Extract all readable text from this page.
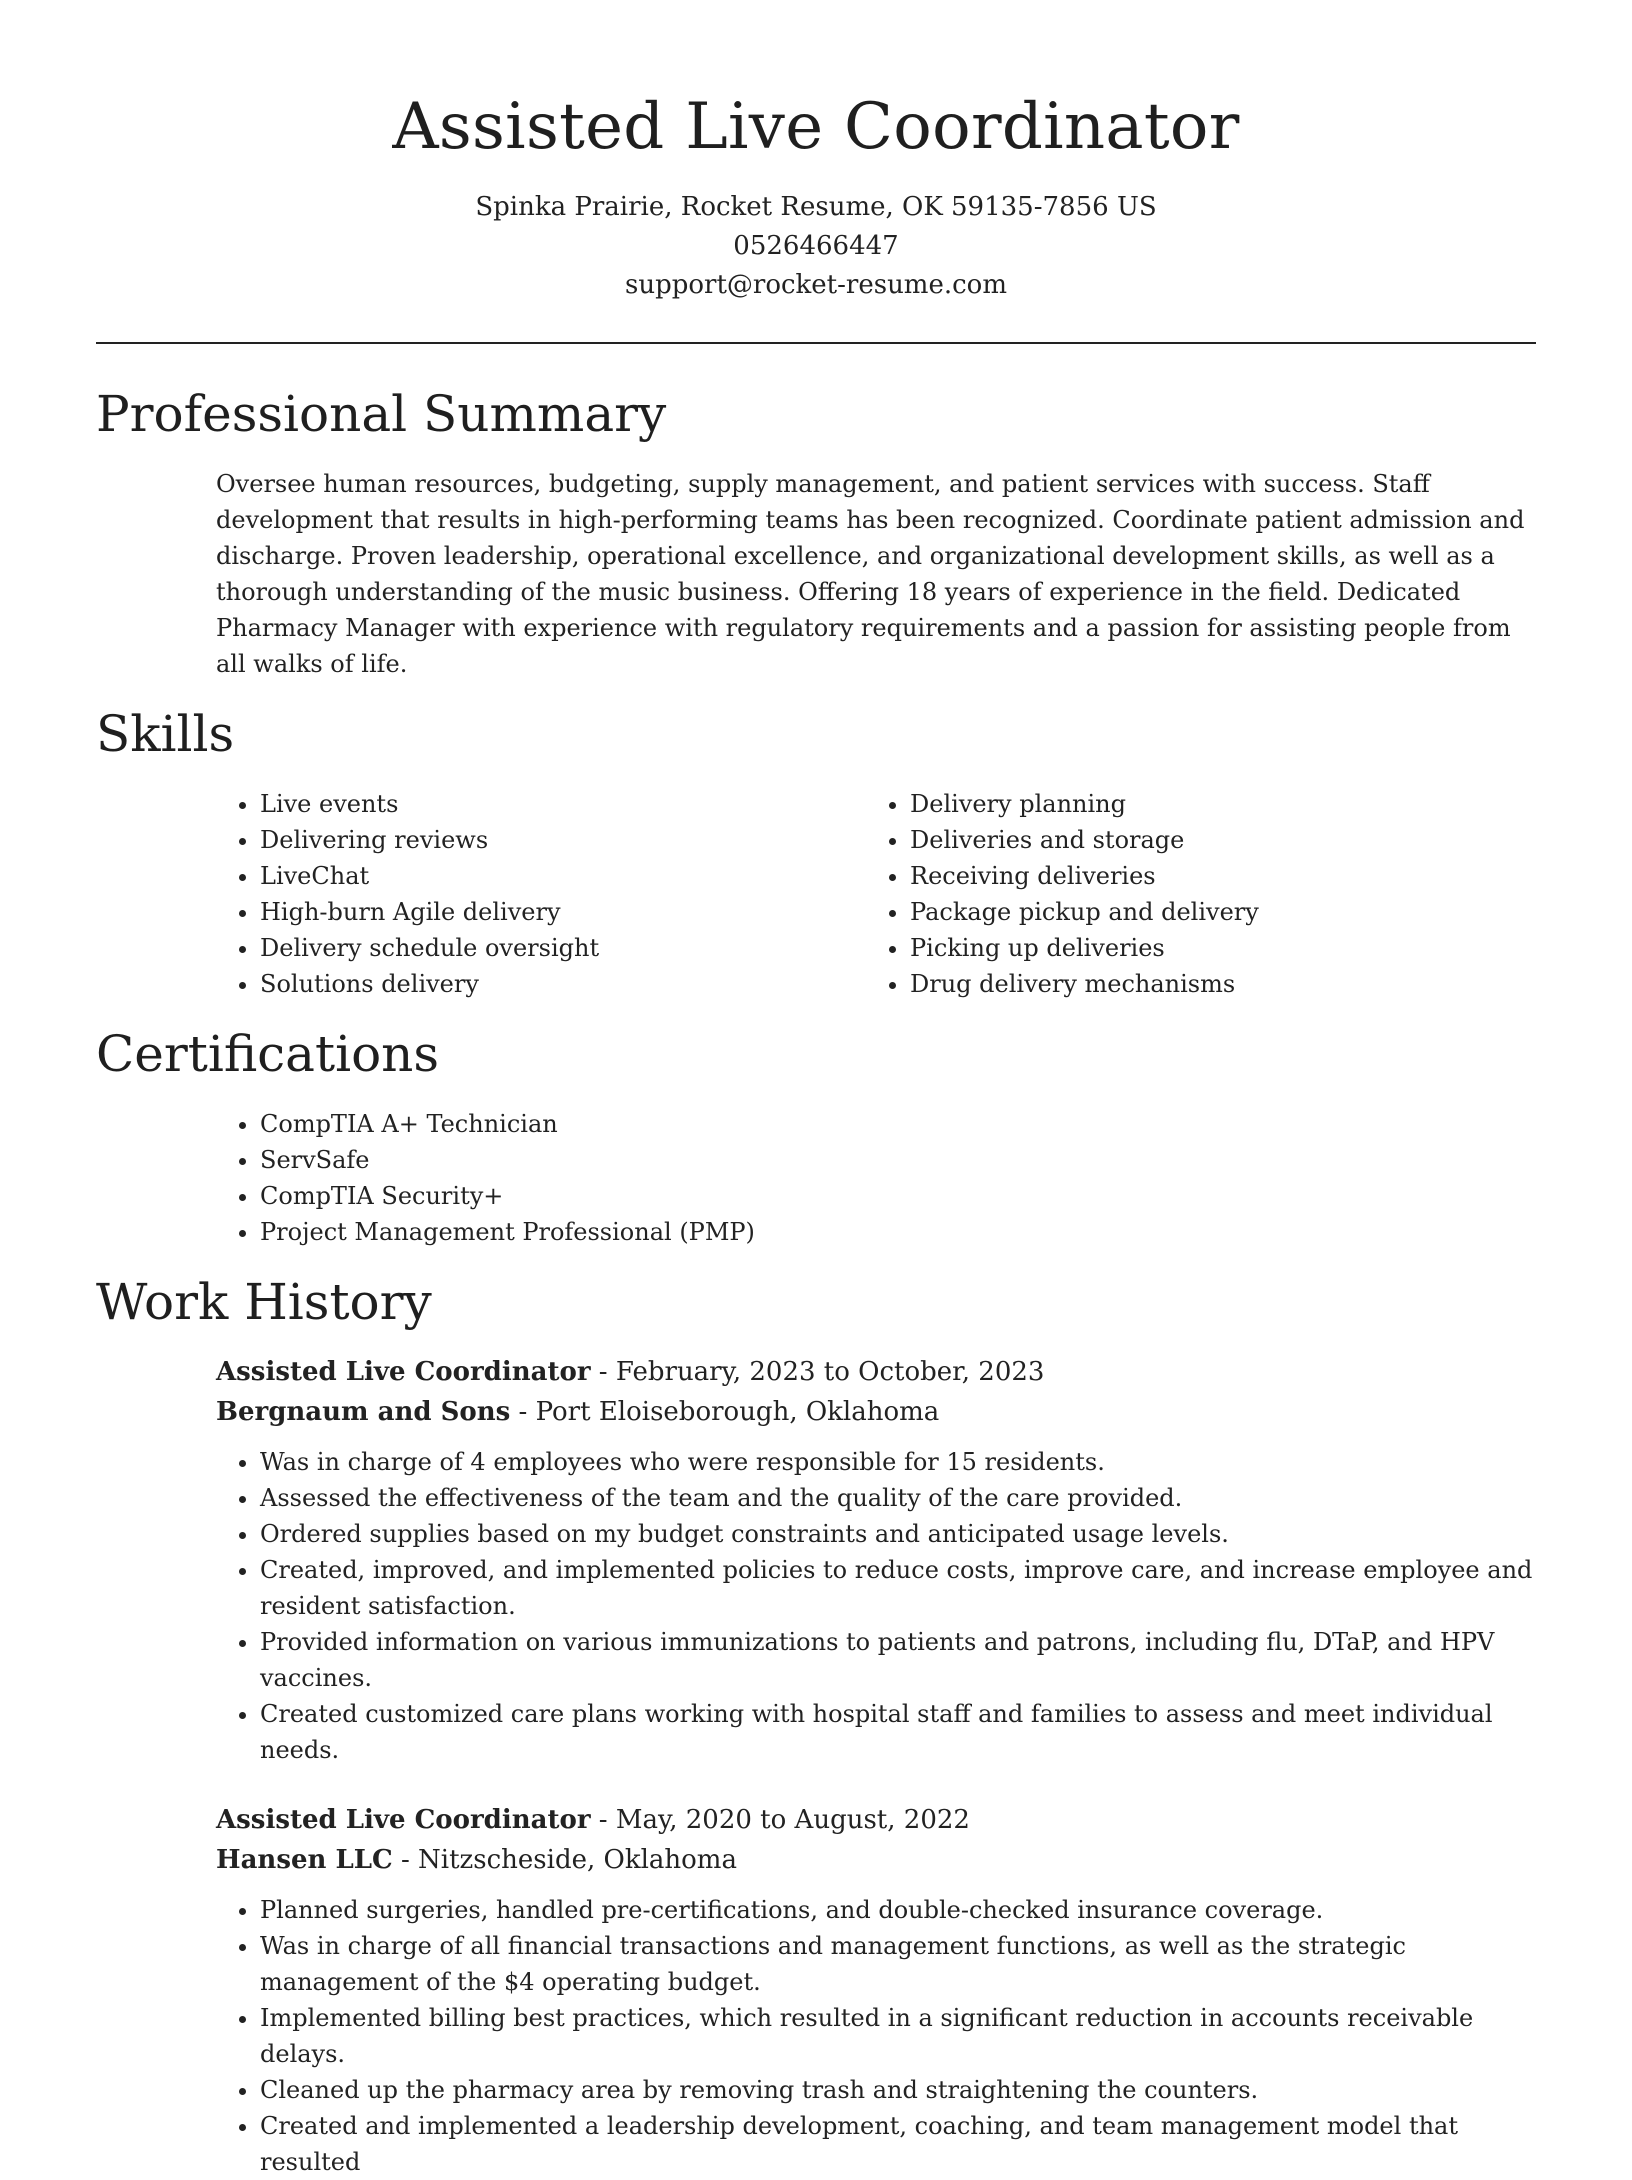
Assisted Live Coordinator
Spinka Prairie, Rocket Resume, OK 59135-7856 US
0526466447
support@rocket-resume.com
Professional Summary

Oversee human resources, budgeting, supply management, and patient services with success. Staff development that results in high-performing teams has been recognized. Coordinate patient admission and discharge. Proven leadership, operational excellence, and organizational development skills, as well as a thorough understanding of the music business. Offering 18 years of experience in the field. Dedicated Pharmacy Manager with experience with regulatory requirements and a passion for assisting people from all walks of life.

Skills
• Live events
• Delivering reviews
• LiveChat
• High-burn Agile delivery
• Delivery schedule oversight
• Solutions delivery
• Delivery planning
• Deliveries and storage
• Receiving deliveries
• Package pickup and delivery
• Picking up deliveries
• Drug delivery mechanisms
Certifications
• CompTIA A+ Technician
• ServSafe
• CompTIA Security+
• Project Management Professional (PMP)
Work History
Assisted Live Coordinator - February, 2023 to October, 2023
Bergnaum and Sons - Port Eloiseborough, Oklahoma
• Was in charge of 4 employees who were responsible for 15 residents.
• Assessed the effectiveness of the team and the quality of the care provided.
• Ordered supplies based on my budget constraints and anticipated usage levels.
• Created, improved, and implemented policies to reduce costs, improve care, and increase employee and resident satisfaction.
• Provided information on various immunizations to patients and patrons, including flu, DTaP, and HPV vaccines.
• Created customized care plans working with hospital staff and families to assess and meet individual needs.
Assisted Live Coordinator - May, 2020 to August, 2022
Hansen LLC - Nitzscheside, Oklahoma
• Planned surgeries, handled pre-certifications, and double-checked insurance coverage.
• Was in charge of all financial transactions and management functions, as well as the strategic management of the $4 operating budget.
• Implemented billing best practices, which resulted in a significant reduction in accounts receivable delays.
• Cleaned up the pharmacy area by removing trash and straightening the counters.
• Created and implemented a leadership development, coaching, and team management model that resulted
